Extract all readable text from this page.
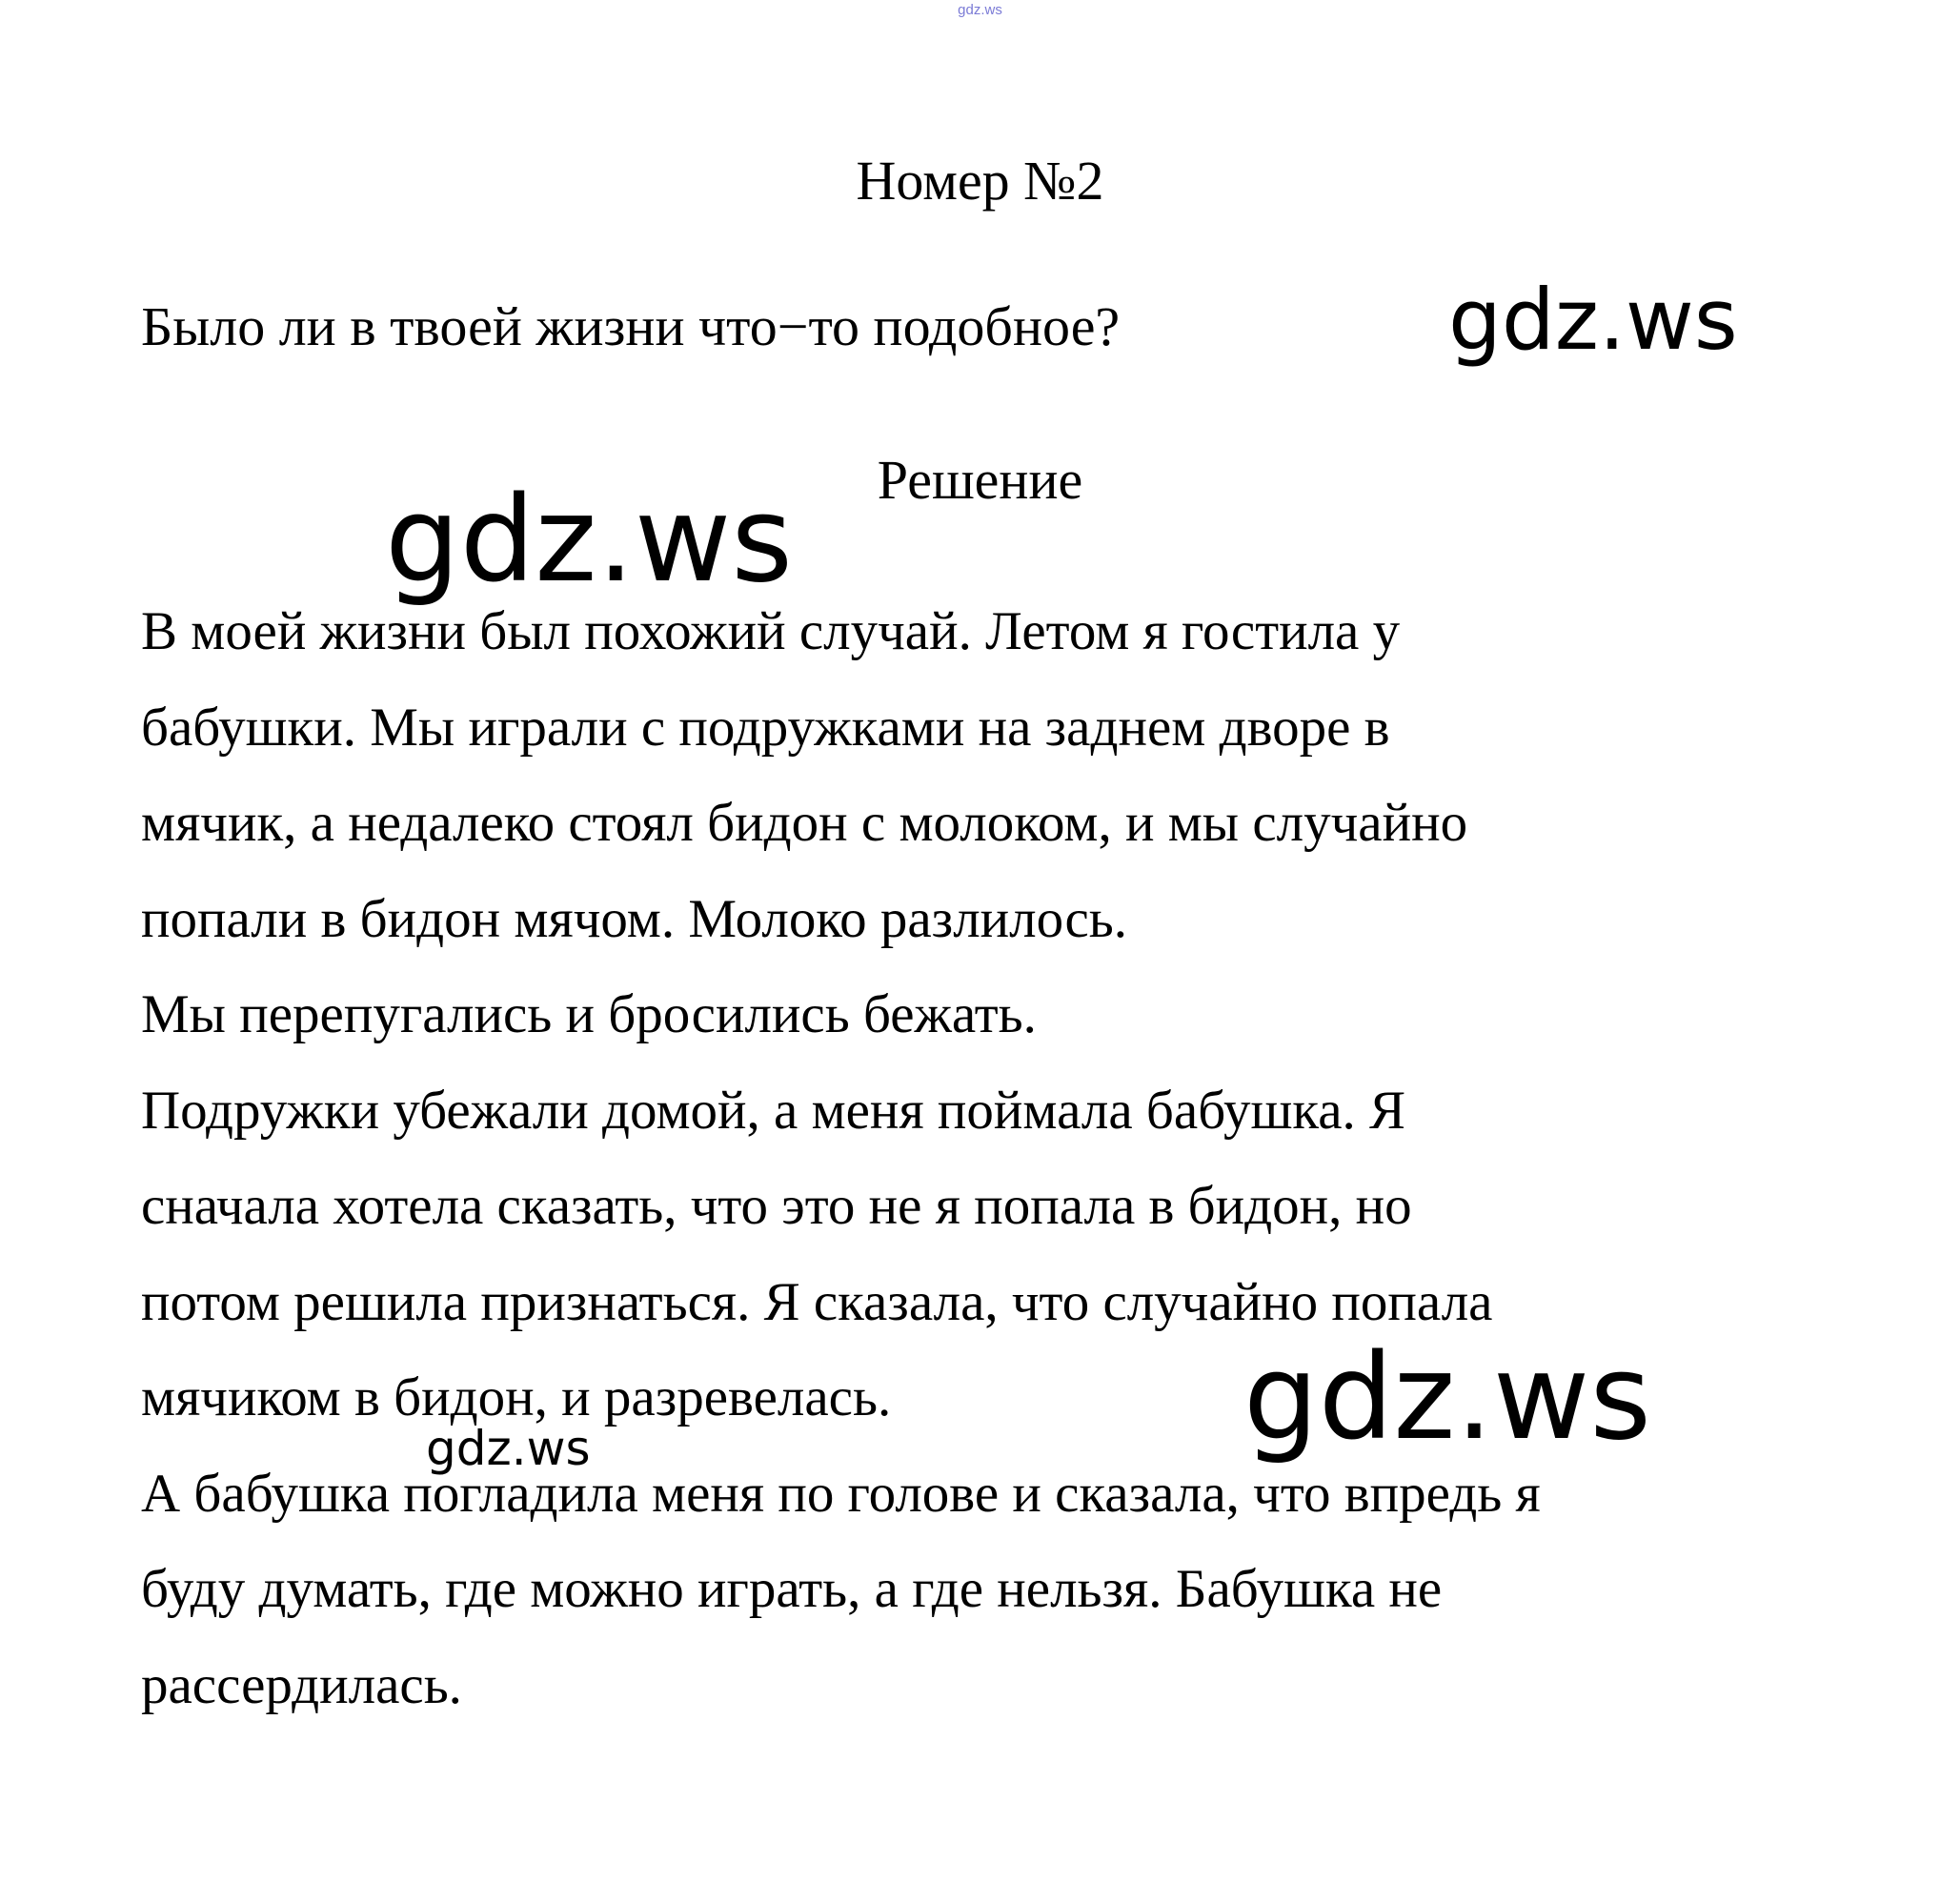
gdz.ws
Номер №2
Было ли в твоей жизни что−то подобное?	gdz.ws
Решение
gdz.ws
В моей жизни был похожий случай. Летом я гостила у
бабушки. Мы играли с подружками на заднем дворе в
мячик, а недалеко стоял бидон с молоком, и мы случайно
попали в бидон мячом. Молоко разлилось.
Мы перепугались и бросились бежать.
Подружки убежали домой, а меня поймала бабушка. Я
сначала хотела сказать, что это не я попала в бидон, но
потом решила признаться. Я сказала, что случайно попала
мячиком в бидон, и разревелась.
А бабушка погладила меня по голове и сказала, что впредь я
буду думать, где можно играть, а где нельзя. Бабушка не
рассердилась.
gdz.ws
gdz.ws
